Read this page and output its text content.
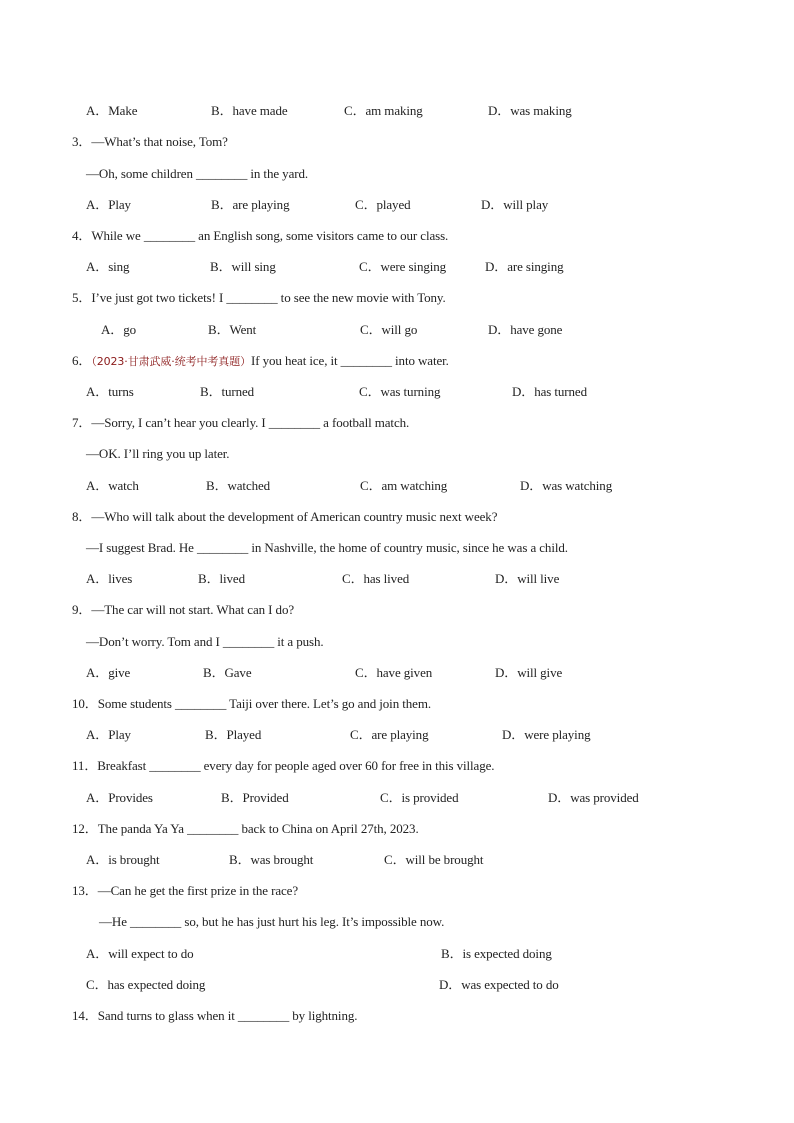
A．Make	B．have made	C．am making	D．was making
3．—What’s that noise, Tom?
—Oh, some children ________ in the yard.
A．Play	B．are playing	C．played	D．will play
4．While we ________ an English song, some visitors came to our class.
A．sing	B．will sing	C．were singing	D．are singing
5．I’ve just got two tickets! I ________ to see the new movie with Tony.
A．go	B．Went	C．will go	D．have gone
6．（2023·甘肃武威·统考中考真题）If you heat ice, it ________ into water.
A．turns	B．turned	C．was turning	D．has turned
7．—Sorry, I can’t hear you clearly. I ________ a football match.
—OK. I’ll ring you up later.
A．watch	B．watched	C．am watching	D．was watching
8．—Who will talk about the development of American country music next week?
—I suggest Brad. He ________ in Nashville, the home of country music, since he was a child.
A．lives	B．lived	C．has lived	D．will live
9．—The car will not start. What can I do?
—Don’t worry. Tom and I ________ it a push.
A．give	B．Gave	C．have given	D．will give
10．Some students ________ Taiji over there. Let’s go and join them.
A．Play	B．Played	C．are playing	D．were playing
11．Breakfast ________ every day for people aged over 60 for free in this village.
A．Provides	B．Provided	C．is provided	D．was provided
12．The panda Ya Ya ________ back to China on April 27th, 2023.
A．is brought	B．was brought	C．will be brought
13．—Can he get the first prize in the race?
—He ________ so, but he has just hurt his leg. It’s impossible now.
A．will expect to do	B．is expected doing
C．has expected doing	D．was expected to do
14．Sand turns to glass when it ________ by lightning.
